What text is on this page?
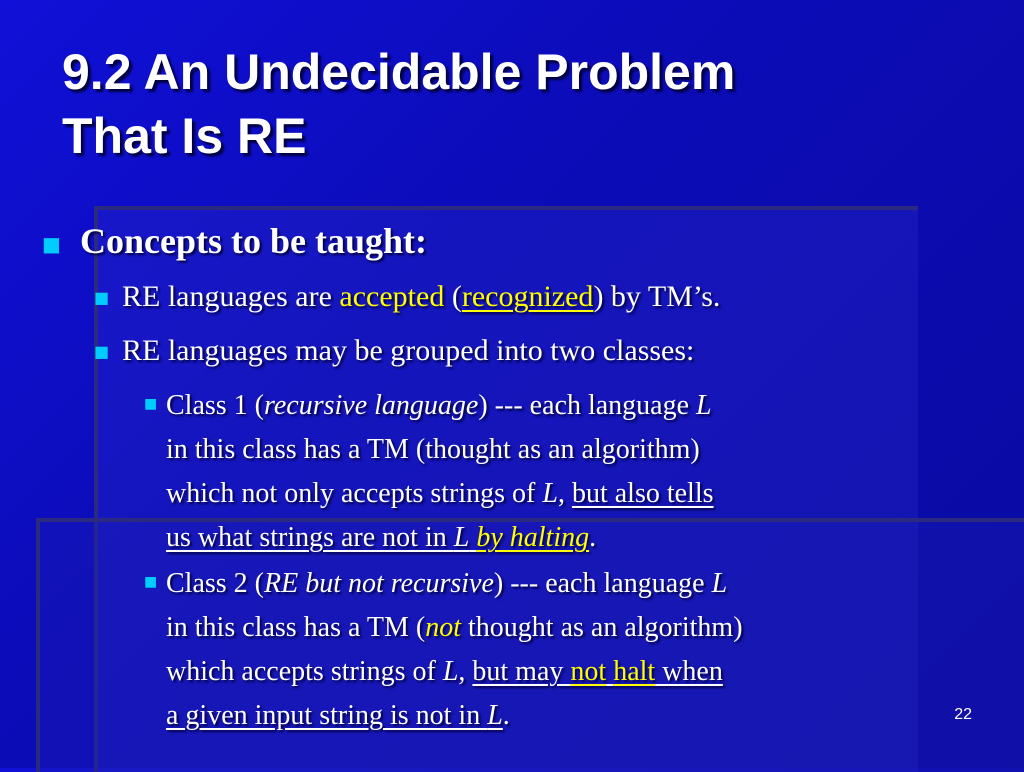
9.2 An Undecidable Problem
That Is RE
■ Concepts to be taught:
■ RE languages are accepted (recognized) by TM’s.
■ RE languages may be grouped into two classes:
■ Class 1 (recursive language) --- each language L
in this class has a TM (thought as an algorithm)
which not only accepts strings of L, but also tells
us what strings are not in L by halting.
■ Class 2 (RE but not recursive) --- each language L
in this class has a TM (not thought as an algorithm)
which accepts strings of L, but may not halt when
a given input string is not in L.	22
